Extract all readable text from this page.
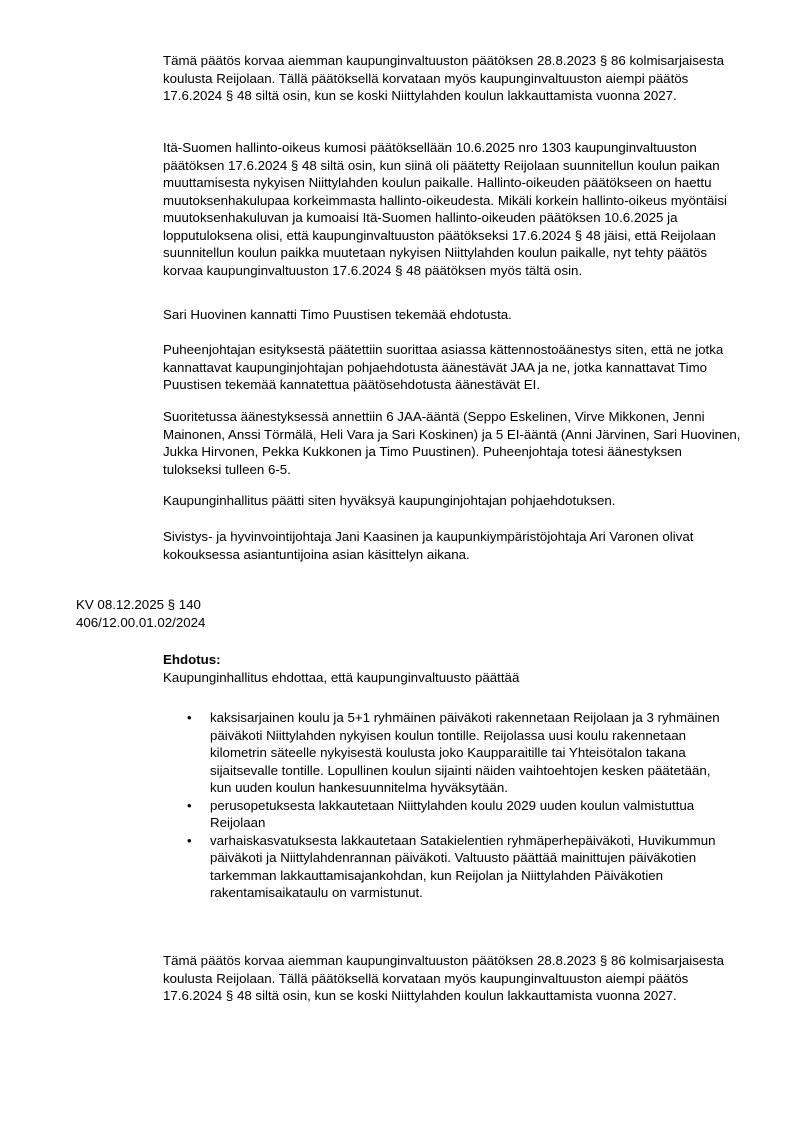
Tämä päätös korvaa aiemman kaupunginvaltuuston päätöksen 28.8.2023 § 86 kolmisarjaisesta koulusta Reijolaan. Tällä päätöksellä korvataan myös kaupunginvaltuuston aiempi päätös 17.6.2024 § 48 siltä osin, kun se koski Niittylahden koulun lakkauttamista vuonna 2027.

Itä-Suomen hallinto-oikeus kumosi päätöksellään 10.6.2025 nro 1303 kaupunginvaltuuston päätöksen 17.6.2024 § 48 siltä osin, kun siinä oli päätetty Reijolaan suunnitellun koulun paikan muuttamisesta nykyisen Niittylahden koulun paikalle. Hallinto-oikeuden päätökseen on haettu muutoksenhakulupaa korkeimmasta hallinto-oikeudesta. Mikäli korkein hallinto-oikeus myöntäisi muutoksenhakuluvan ja kumoaisi Itä-Suomen hallinto-oikeuden päätöksen 10.6.2025 ja lopputuloksena olisi, että kaupunginvaltuuston päätökseksi 17.6.2024 § 48 jäisi, että Reijolaan suunnitellun koulun paikka muutetaan nykyisen Niittylahden koulun paikalle, nyt tehty päätös korvaa kaupunginvaltuuston 17.6.2024 § 48 päätöksen myös tältä osin.

Sari Huovinen kannatti Timo Puustisen tekemää ehdotusta.

Puheenjohtajan esityksestä päätettiin suorittaa asiassa kättennostoäänestys siten, että ne jotka kannattavat kaupunginjohtajan pohjaehdotusta äänestävät JAA ja ne, jotka kannattavat Timo Puustisen tekemää kannatettua päätösehdotusta äänestävät EI.

Suoritetussa äänestyksessä annettiin 6 JAA-ääntä (Seppo Eskelinen, Virve Mikkonen, Jenni Mainonen, Anssi Törmälä, Heli Vara ja Sari Koskinen) ja 5 EI-ääntä (Anni Järvinen, Sari Huovinen, Jukka Hirvonen, Pekka Kukkonen ja Timo Puustinen). Puheenjohtaja totesi äänestyksen tulokseksi tulleen 6-5.

Kaupunginhallitus päätti siten hyväksyä kaupunginjohtajan pohjaehdotuksen.

Sivistys- ja hyvinvointijohtaja Jani Kaasinen ja kaupunkiympäristöjohtaja Ari Varonen olivat kokouksessa asiantuntijoina asian käsittelyn aikana.

KV 08.12.2025 § 140

406/12.00.01.02/2024

Ehdotus:

Kaupunginhallitus ehdottaa, että kaupunginvaltuusto päättää

• kaksisarjainen koulu ja 5+1 ryhmäinen päiväkoti rakennetaan Reijolaan ja 3 ryhmäinen päiväkoti Niittylahden nykyisen koulun tontille. Reijolassa uusi koulu rakennetaan kilometrin säteelle nykyisestä koulusta joko Kaupparaitille tai Yhteisötalon takana sijaitsevalle tontille. Lopullinen koulun sijainti näiden vaihtoehtojen kesken päätetään, kun uuden koulun hankesuunnitelma hyväksytään.
• perusopetuksesta lakkautetaan Niittylahden koulu 2029 uuden koulun valmistuttua Reijolaan
• varhaiskasvatuksesta lakkautetaan Satakielentien ryhmäperhepäiväkoti, Huvikummun päiväkoti ja Niittylahdenrannan päiväkoti. Valtuusto päättää mainittujen päiväkotien tarkemman lakkauttamisajankohdan, kun Reijolan ja Niittylahden Päiväkotien rakentamisaikataulu on varmistunut.

Tämä päätös korvaa aiemman kaupunginvaltuuston päätöksen 28.8.2023 § 86 kolmisarjaisesta koulusta Reijolaan. Tällä päätöksellä korvataan myös kaupunginvaltuuston aiempi päätös 17.6.2024 § 48 siltä osin, kun se koski Niittylahden koulun lakkauttamista vuonna 2027.
